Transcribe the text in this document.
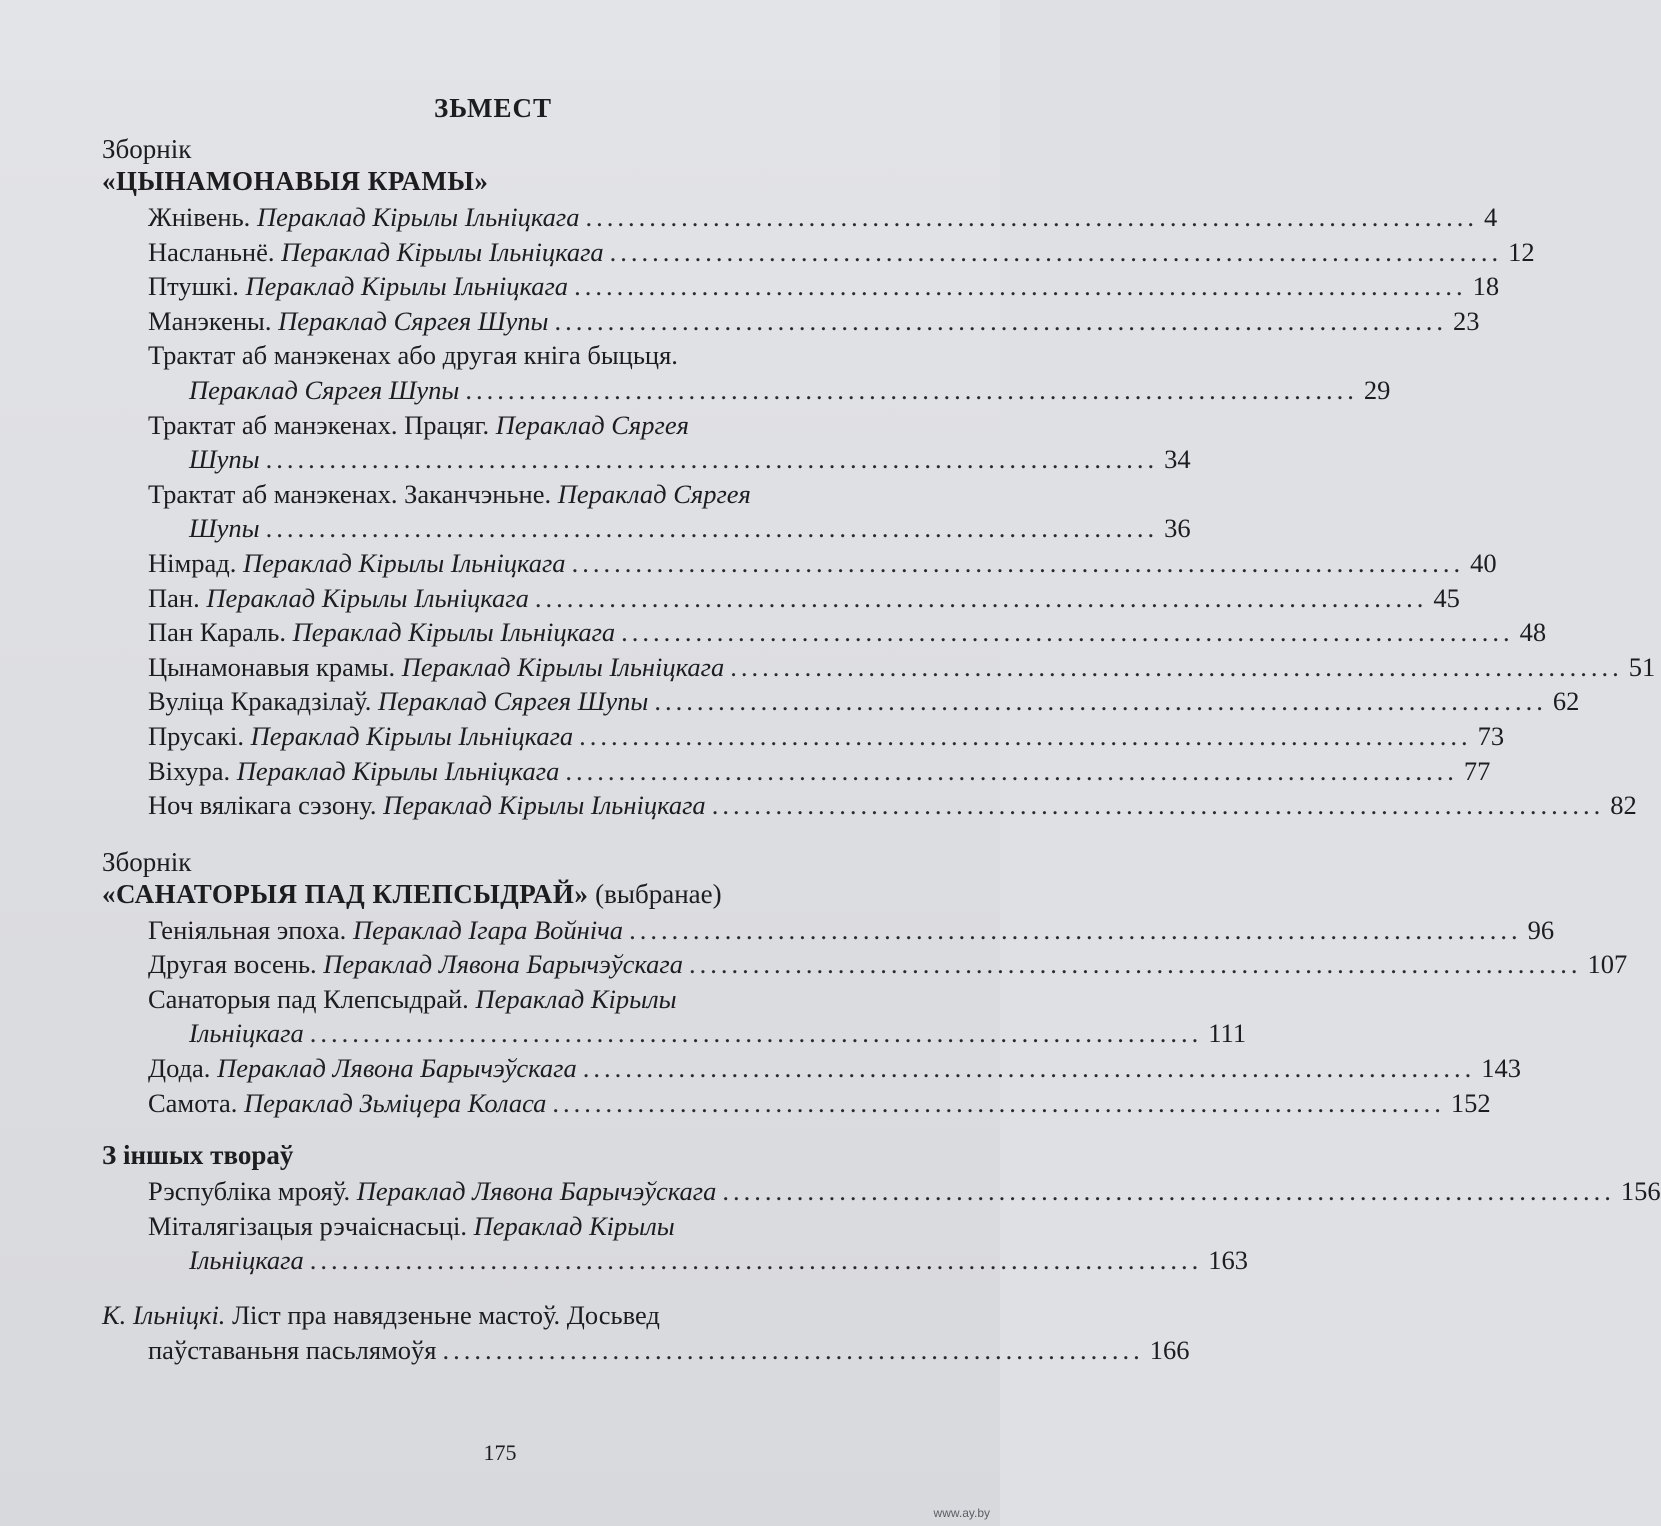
ЗЬМЕСТ
Зборнік
«ЦЫНАМОНАВЫЯ КРАМЫ»
Жнівень. Пераклад Кірылы Ільніцкага .................................................................................... 4
Насланьнё. Пераклад Кірылы Ільніцкага .................................................................................... 12
Птушкі. Пераклад Кірылы Ільніцкага .................................................................................... 18
Манэкены. Пераклад Сяргея Шупы .................................................................................... 23
Трактат аб манэкенах або другая кніга быцьця.
Пераклад Сяргея Шупы .................................................................................... 29
Трактат аб манэкенах. Працяг. Пераклад Сяргея
Шупы .................................................................................... 34
Трактат аб манэкенах. Заканчэньне. Пераклад Сяргея
Шупы .................................................................................... 36
Німрад. Пераклад Кірылы Ільніцкага .................................................................................... 40
Пан. Пераклад Кірылы Ільніцкага .................................................................................... 45
Пан Караль. Пераклад Кірылы Ільніцкага .................................................................................... 48
Цынамонавыя крамы. Пераклад Кірылы Ільніцкага .................................................................................... 51
Вуліца Кракадзілаў. Пераклад Сяргея Шупы .................................................................................... 62
Прусакі. Пераклад Кірылы Ільніцкага .................................................................................... 73
Віхура. Пераклад Кірылы Ільніцкага .................................................................................... 77
Ноч вялікага сэзону. Пераклад Кірылы Ільніцкага .................................................................................... 82
Зборнік
«САНАТОРЫЯ ПАД КЛЕПСЫДРАЙ» (выбранае)
Геніяльная эпоха. Пераклад Ігара Войніча .................................................................................... 96
Другая восень. Пераклад Лявона Барычэўскага .................................................................................... 107
Санаторыя пад Клепсыдрай. Пераклад Кірылы
Ільніцкага .................................................................................... 111
Дода. Пераклад Лявона Барычэўскага .................................................................................... 143
Самота. Пераклад Зьміцера Коласа .................................................................................... 152
З іншых твораў
Рэспубліка мрояў. Пераклад Лявона Барычэўскага .................................................................................... 156
Міталягізацыя рэчаіснасьці. Пераклад Кірылы
Ільніцкага .................................................................................... 163
К. Ільніцкі. Ліст пра навядзеньне мастоў. Досьвед
паўставаньня пасьлямоўя .................................................................. 166
175
www.ay.by
